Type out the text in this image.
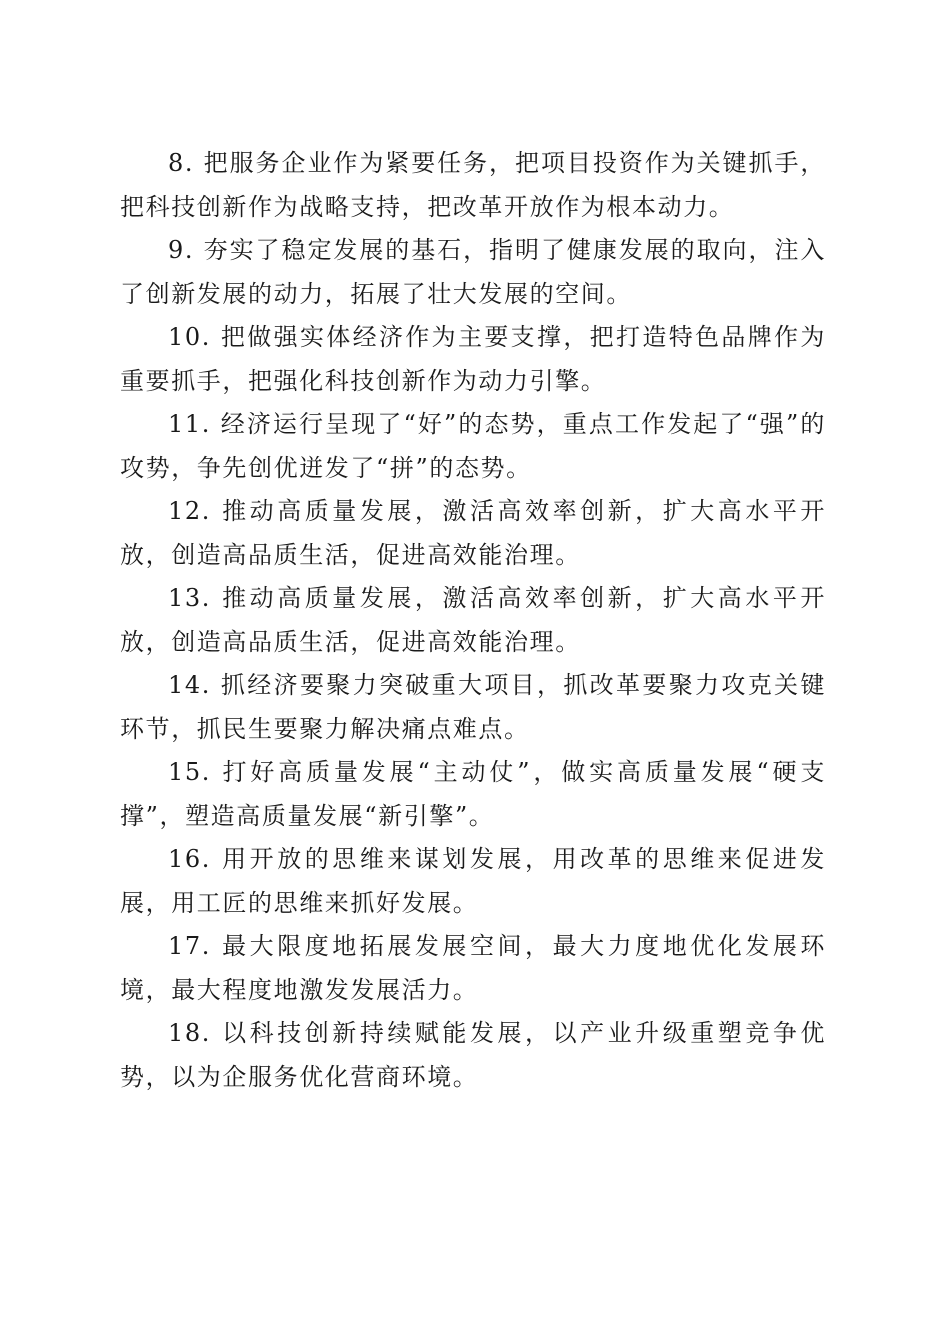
8. 把服务企业作为紧要任务，把项目投资作为关键抓手，把科技创新作为战略支持，把改革开放作为根本动力。

9. 夯实了稳定发展的基石，指明了健康发展的取向，注入了创新发展的动力，拓展了壮大发展的空间。

10. 把做强实体经济作为主要支撑，把打造特色品牌作为重要抓手，把强化科技创新作为动力引擎。

11. 经济运行呈现了“好”的态势，重点工作发起了“强”的攻势，争先创优迸发了“拼”的态势。

12. 推动高质量发展，激活高效率创新，扩大高水平开放，创造高品质生活，促进高效能治理。

13. 推动高质量发展，激活高效率创新，扩大高水平开放，创造高品质生活，促进高效能治理。

14. 抓经济要聚力突破重大项目，抓改革要聚力攻克关键环节，抓民生要聚力解决痛点难点。

15. 打好高质量发展“主动仗”，做实高质量发展“硬支撑”，塑造高质量发展“新引擎”。

16. 用开放的思维来谋划发展，用改革的思维来促进发展，用工匠的思维来抓好发展。

17. 最大限度地拓展发展空间，最大力度地优化发展环境，最大程度地激发发展活力。

18. 以科技创新持续赋能发展，以产业升级重塑竞争优势，以为企服务优化营商环境。
